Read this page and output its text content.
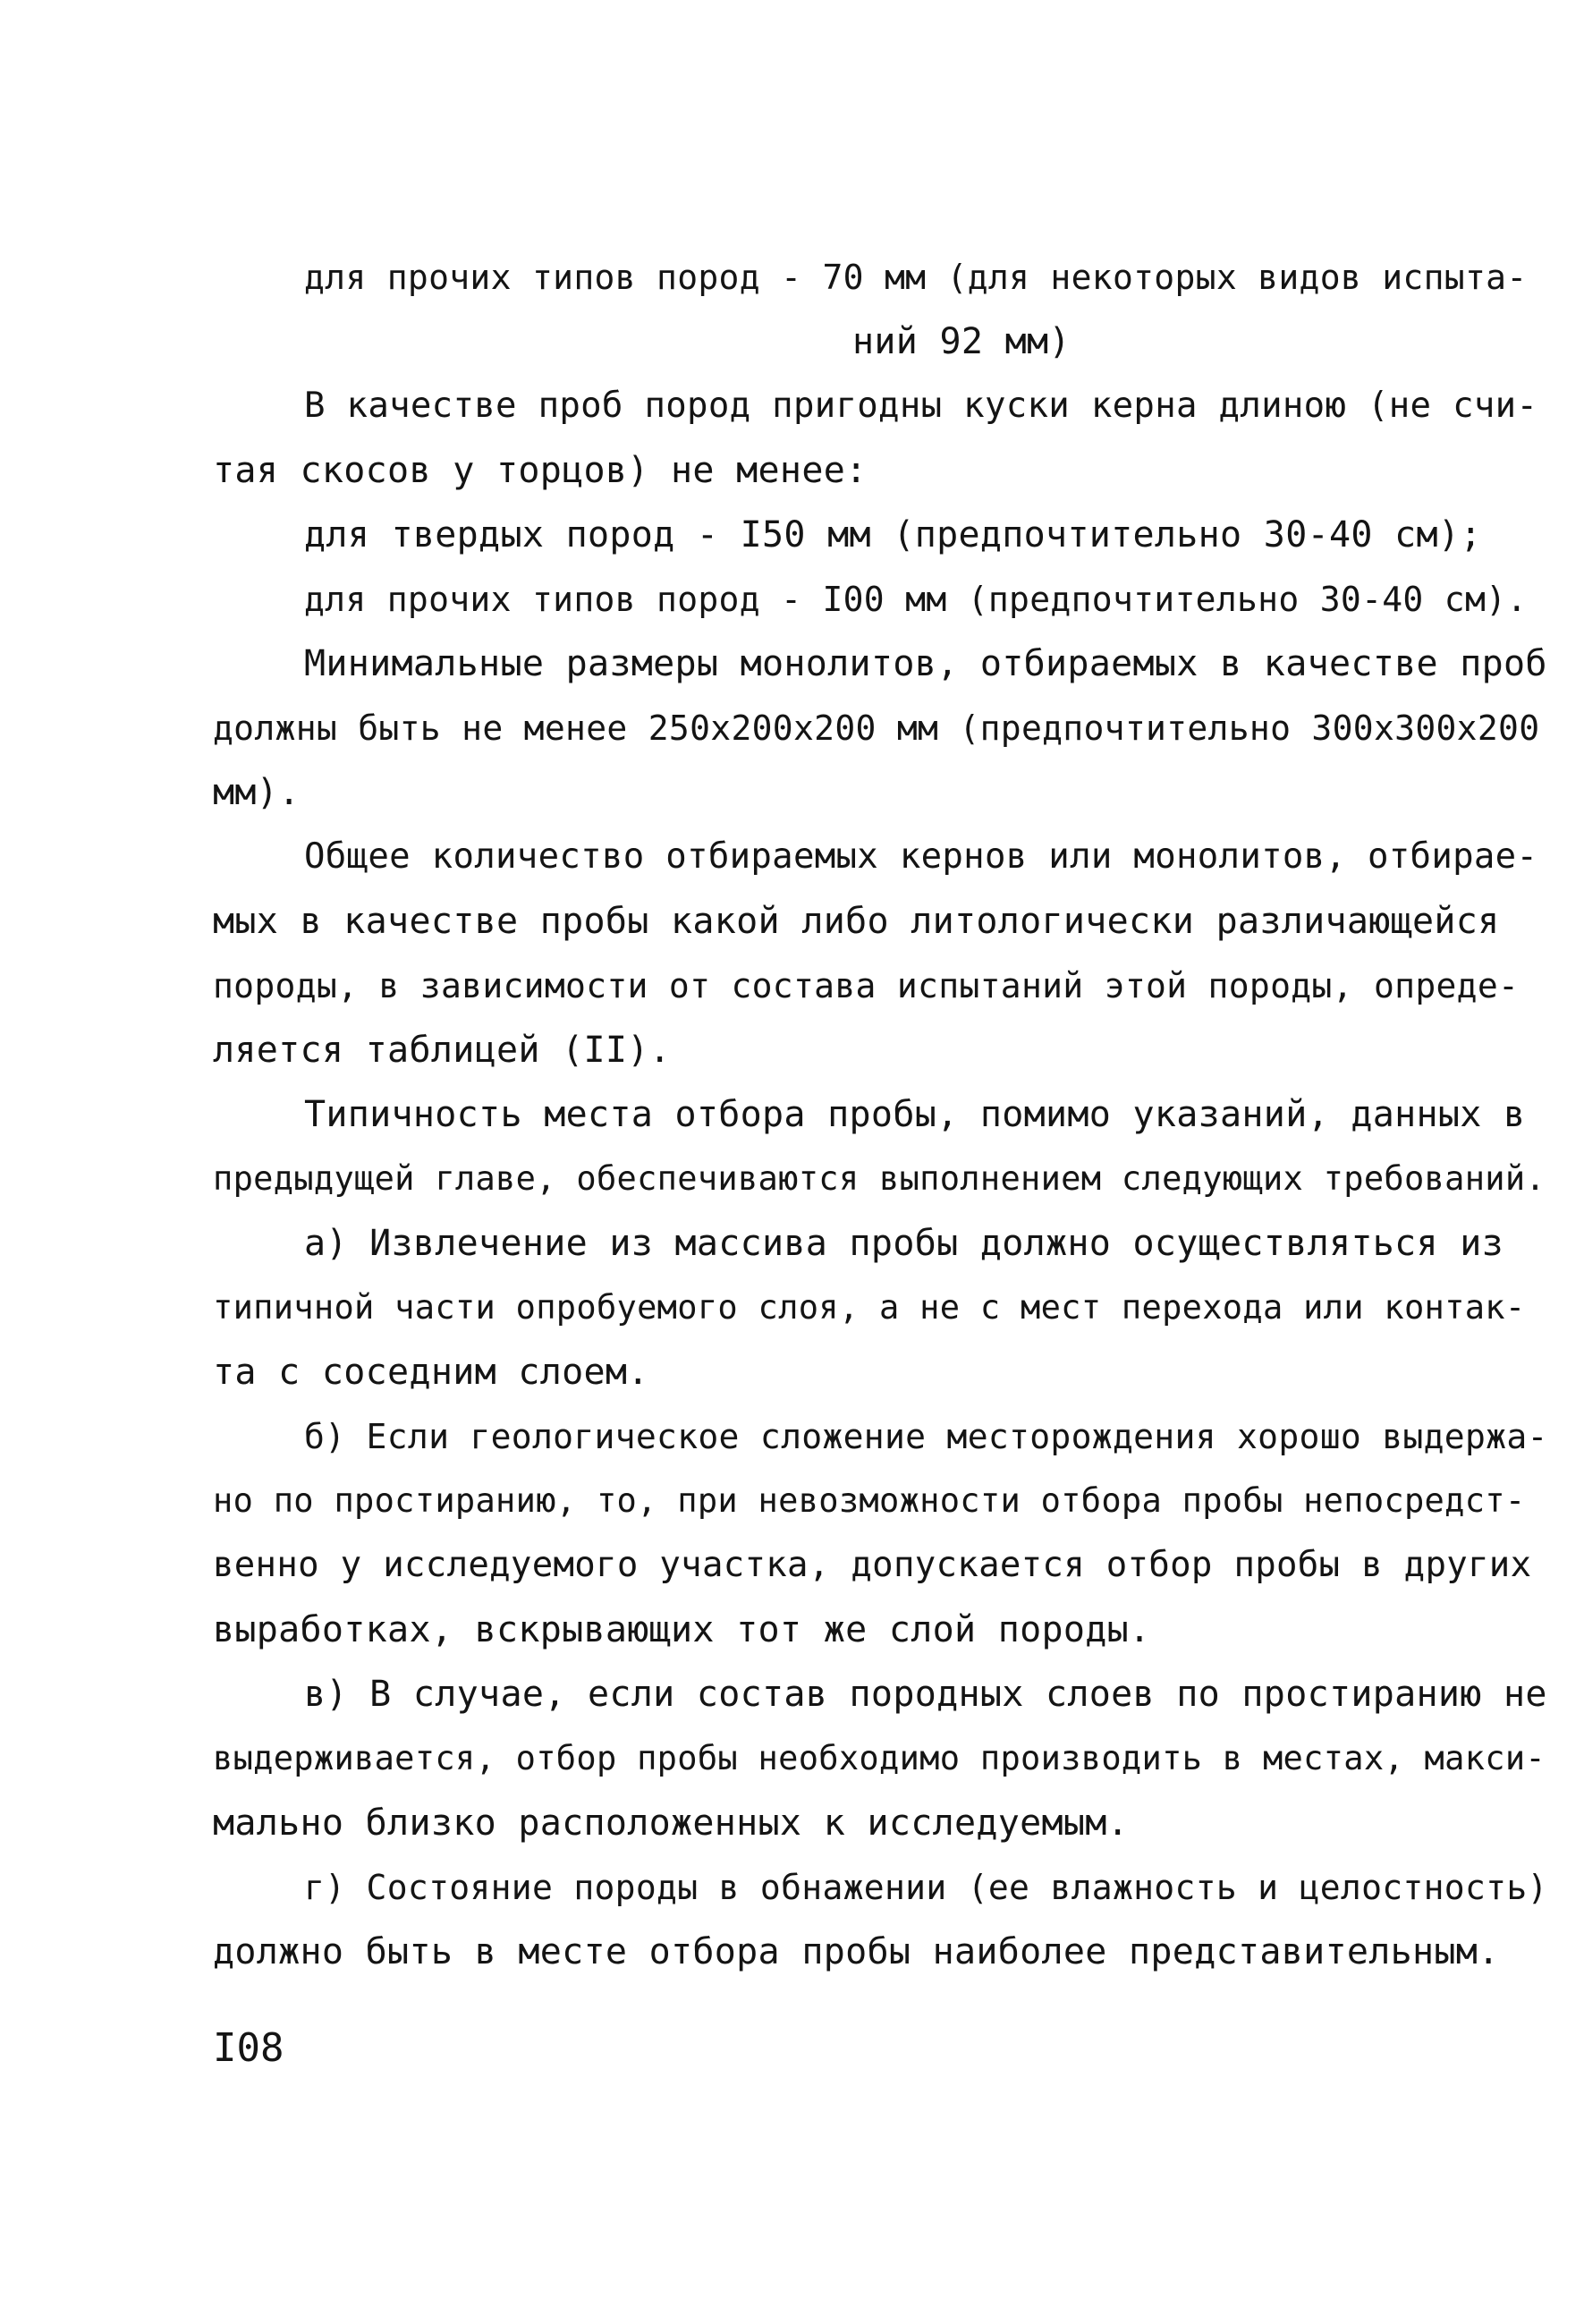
для прочих типов пород - 70 мм (для некоторых видов испыта-
ний 92 мм)
В качестве проб пород пригодны куски керна длиною (не счи-
тая скосов у торцов) не менее:
для твердых пород - I50 мм (предпочтительно 30-40 см);
для прочих типов пород - I00 мм (предпочтительно 30-40 см).
Минимальные размеры монолитов, отбираемых в качестве проб
должны быть не менее 250x200x200 мм (предпочтительно 300x300x200
мм).
Общее количество отбираемых кернов или монолитов, отбирае-
мых в качестве пробы какой либо литологически различающейся
породы, в зависимости от состава испытаний этой породы, опреде-
ляется таблицей (II).
Типичность места отбора пробы, помимо указаний, данных в
предыдущей главе, обеспечиваются выполнением следующих требований.
а) Извлечение из массива пробы должно осуществляться из
типичной части опробуемого слоя, а не с мест перехода или контак-
та с соседним слоем.
б) Если геологическое сложение месторождения хорошо выдержа-
но по простиранию, то, при невозможности отбора пробы непосредст-
венно у исследуемого участка, допускается отбор пробы в других
выработках, вскрывающих тот же слой породы.
в) В случае, если состав породных слоев по простиранию не
выдерживается, отбор пробы необходимо производить в местах, макси-
мально близко расположенных к исследуемым.
г) Состояние породы в обнажении (ее влажность и целостность)
должно быть в месте отбора пробы наиболее представительным.
I08
